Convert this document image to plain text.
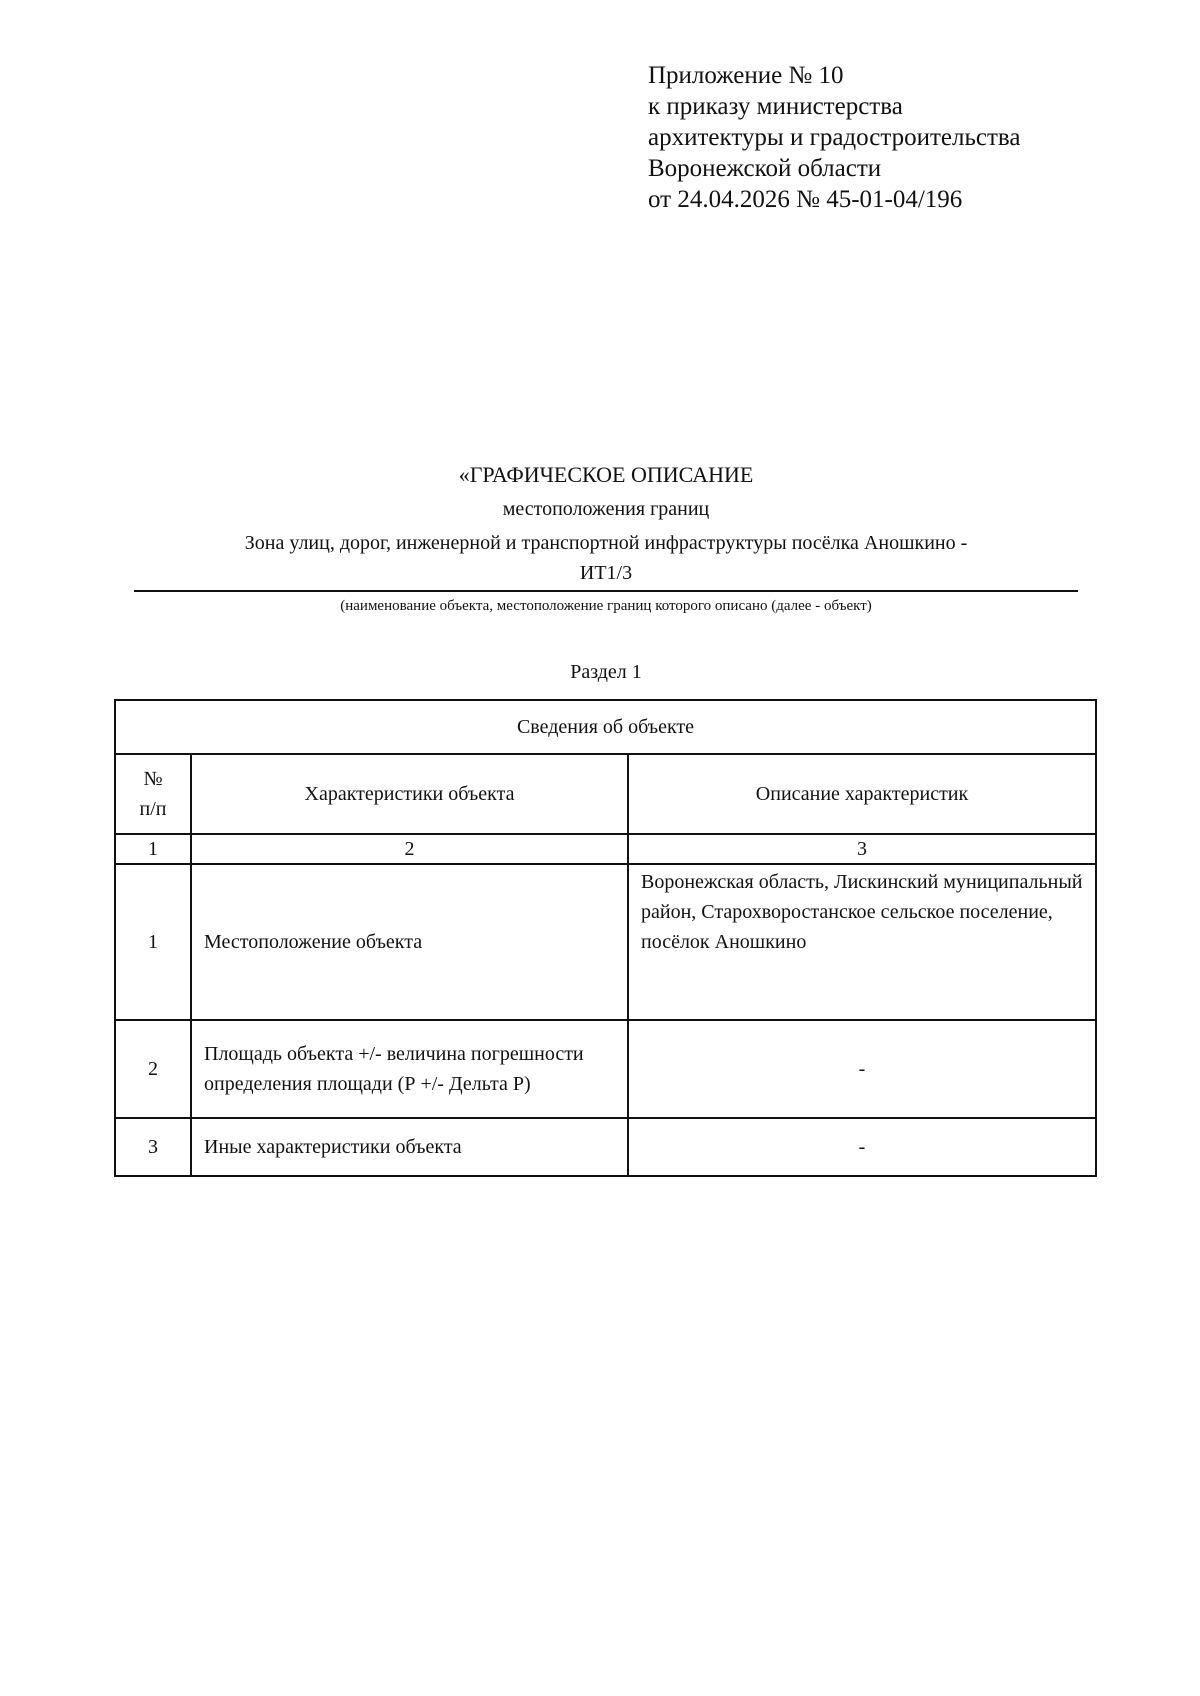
Приложение № 10
к приказу министерства
архитектуры и градостроительства
Воронежской области
от 24.04.2026 № 45-01-04/196
«ГРАФИЧЕСКОЕ ОПИСАНИЕ
местоположения границ
Зона улиц, дорог, инженерной и транспортной инфраструктуры посёлка Аношкино -
ИТ1/3
(наименование объекта, местоположение границ которого описано (далее - объект)
Раздел 1
Сведения об объекте		

№
п/п	Характеристики объекта	Описание характеристик
1	2	3
1	Местоположение объекта	Воронежская область, Лискинский муниципальный район, Старохворостанское сельское поселение, посёлок Аношкино
2	Площадь объекта +/- величина погрешности определения площади (Р +/- Дельта Р)	-
3	Иные характеристики объекта	-
